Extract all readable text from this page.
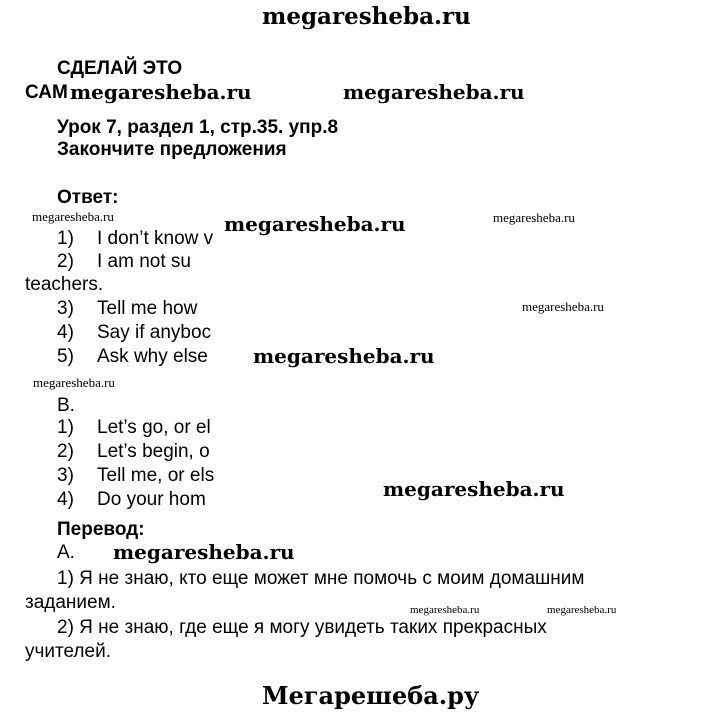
megaresheba.ru
СДЕЛАЙ ЭТО
САМ
Урок 7, раздел 1, стр.35. упр.8
Закончите предложения
Ответ:
1) I don’t know v
2) I am not su
teachers.
3) Tell me how
4) Say if anyboc
5) Ask why else
B.
1) Let’s go, or el
2) Let’s begin, o
3) Tell me, or els
4) Do your hom
Перевод:
А.
1) Я не знаю, кто еще может мне помочь с моим домашним
заданием.
2) Я не знаю, где еще я могу увидеть таких прекрасных
учителей.
megaresheba.ru	megaresheba.ru
megaresheba.ru	megaresheba.ru	megaresheba.ru
megaresheba.ru
megaresheba.ru
megaresheba.ru
megaresheba.ru
megaresheba.ru
megaresheba.ru	megaresheba.ru
Мегарешеба.ру
